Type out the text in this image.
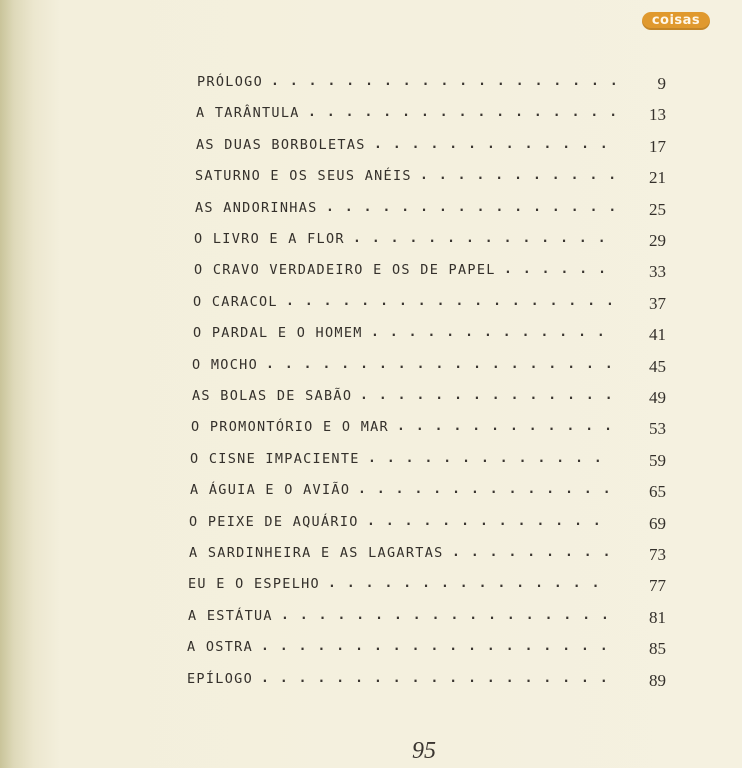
coisas
PRÓLOGO ...................	9
A TARÂNTULA ................. 13
AS DUAS BORBOLETAS .............	17
SATURNO E OS SEUS ANÉIS ........... 21
AS ANDORINHAS ................ 25
O LIVRO E A FLOR ..............	29
O CRAVO VERDADEIRO E OS DE PAPEL ......	33
O CARACOL ..................	37
O PARDAL E O HOMEM .............	41
O MOCHO ...................	45
AS BOLAS DE SABÃO ..............	49
O PROMONTÓRIO E O MAR ............	53
O CISNE IMPACIENTE .............	59
A ÁGUIA E O AVIÃO ..............	65
O PEIXE DE AQUÁRIO .............	69
A SARDINHEIRA E AS LAGARTAS .........	73
EU E O ESPELHO ...............	77
A ESTÁTUA ..................	81
A OSTRA ...................	85
EPÍLOGO ...................	89
95
